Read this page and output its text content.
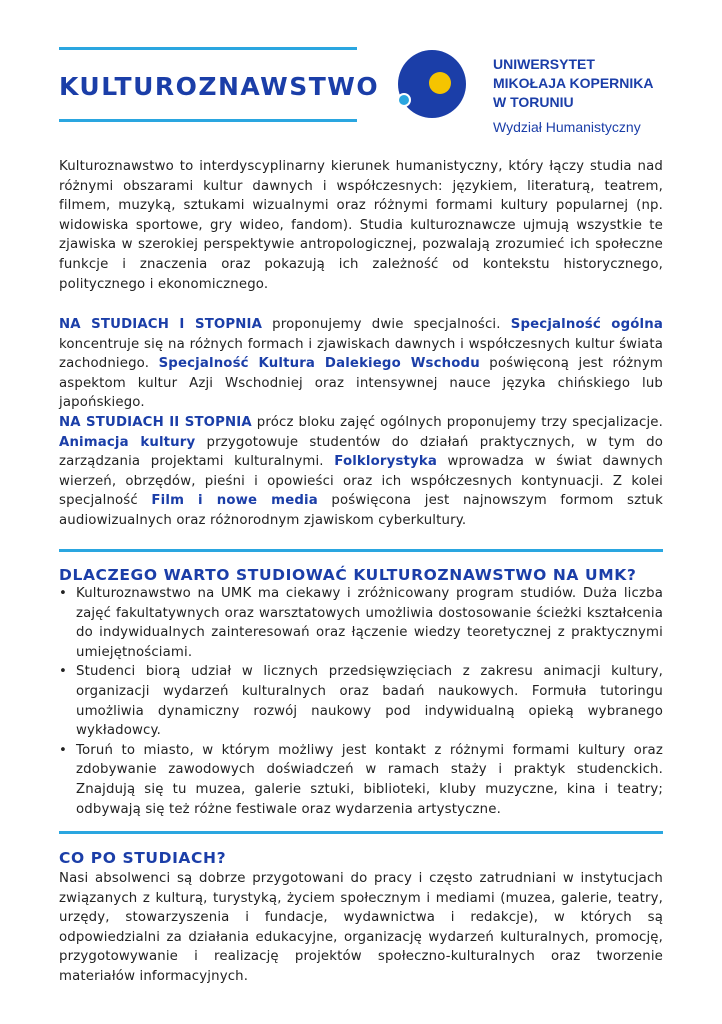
KULTUROZNAWSTWO
UNIWERSYTET
MIKOŁAJA KOPERNIKA
W TORUNIU
Wydział Humanistyczny

Kulturoznawstwo to interdyscyplinarny kierunek humanistyczny, który łączy studia nad różnymi obszarami kultur dawnych i współczesnych: językiem, literaturą, teatrem, filmem, muzyką, sztukami wizualnymi oraz różnymi formami kultury popularnej (np. widowiska sportowe, gry wideo, fandom). Studia kulturoznawcze ujmują wszystkie te zjawiska w szerokiej perspektywie antropologicznej, pozwalają zrozumieć ich społeczne funkcje i znaczenia oraz pokazują ich zależność od kontekstu historycznego, politycznego i ekonomicznego.

NA STUDIACH I STOPNIA proponujemy dwie specjalności. Specjalność ogólna koncentruje się na różnych formach i zjawiskach dawnych i współczesnych kultur świata zachodniego. Specjalność Kultura Dalekiego Wschodu poświęconą jest różnym aspektom kultur Azji Wschodniej oraz intensywnej nauce języka chińskiego lub japońskiego.

NA STUDIACH II STOPNIA prócz bloku zajęć ogólnych proponujemy trzy specjalizacje. Animacja kultury przygotowuje studentów do działań praktycznych, w tym do zarządzania projektami kulturalnymi. Folklorystyka wprowadza w świat dawnych wierzeń, obrzędów, pieśni i opowieści oraz ich współczesnych kontynuacji. Z kolei specjalność Film i nowe media poświęcona jest najnowszym formom sztuk audiowizualnych oraz różnorodnym zjawiskom cyberkultury.

DLACZEGO WARTO STUDIOWAĆ KULTUROZNAWSTWO NA UMK?
• Kulturoznawstwo na UMK ma ciekawy i zróżnicowany program studiów. Duża liczba zajęć fakultatywnych oraz warsztatowych umożliwia dostosowanie ścieżki kształcenia do indywidualnych zainteresowań oraz łączenie wiedzy teoretycznej z praktycznymi umiejętnościami.
• Studenci biorą udział w licznych przedsięwzięciach z zakresu animacji kultury, organizacji wydarzeń kulturalnych oraz badań naukowych. Formuła tutoringu umożliwia dynamiczny rozwój naukowy pod indywidualną opieką wybranego wykładowcy.
• Toruń to miasto, w którym możliwy jest kontakt z różnymi formami kultury oraz zdobywanie zawodowych doświadczeń w ramach staży i praktyk studenckich. Znajdują się tu muzea, galerie sztuki, biblioteki, kluby muzyczne, kina i teatry; odbywają się też różne festiwale oraz wydarzenia artystyczne.
CO PO STUDIACH?

Nasi absolwenci są dobrze przygotowani do pracy i często zatrudniani w instytucjach związanych z kulturą, turystyką, życiem społecznym i mediami (muzea, galerie, teatry, urzędy, stowarzyszenia i fundacje, wydawnictwa i redakcje), w których są odpowiedzialni za działania edukacyjne, organizację wydarzeń kulturalnych, promocję, przygotowywanie i realizację projektów społeczno-kulturalnych oraz tworzenie materiałów informacyjnych.
